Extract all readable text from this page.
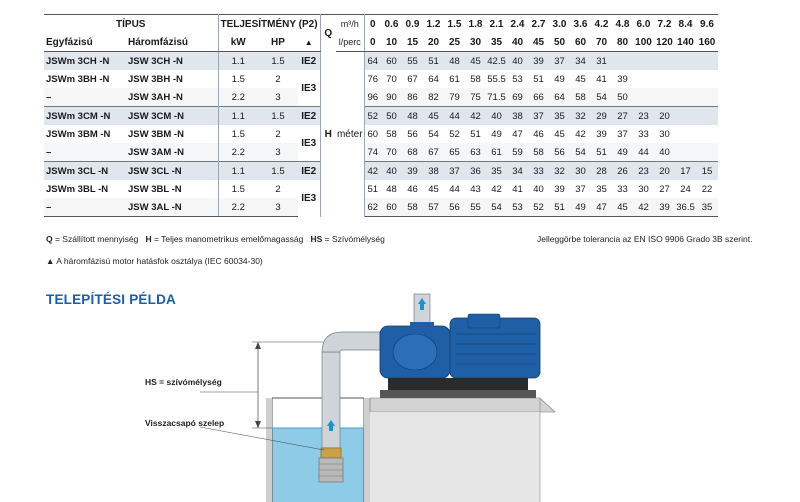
TÍPUS		TELJESÍTMÉNY (P2)			Q	m³/h	0	0.6	0.9	1.2	1.5	1.8	2.1	2.4	2.7	3.0	3.6	4.2	4.8	6.0	7.2	8.4	9.6
Egyfázisú	Háromfázisú	kW	HP	▲		l/perc	0	10	15	20	25	30	35	40	45	50	60	70	80	100	120	140	160
JSWm 3CH -N	JSW 3CH -N	1.1	1.5	IE2	H	méter	64	60	55	51	48	45	42.5	40	39	37	34	31					
JSWm 3BH -N	JSW 3BH -N	1.5	2	IE3			76	70	67	64	61	58	55.5	53	51	49	45	41	39				
–	JSW 3AH -N	2.2	3				96	90	86	82	79	75	71.5	69	66	64	58	54	50				
JSWm 3CM -N	JSW 3CM -N	1.1	1.5	IE2			52	50	48	45	44	42	40	38	37	35	32	29	27	23	20		
JSWm 3BM -N	JSW 3BM -N	1.5	2	IE3			60	58	56	54	52	51	49	47	46	45	42	39	37	33	30		
–	JSW 3AM -N	2.2	3				74	70	68	67	65	63	61	59	58	56	54	51	49	44	40		
JSWm 3CL -N	JSW 3CL -N	1.1	1.5	IE2			42	40	39	38	37	36	35	34	33	32	30	28	26	23	20	17	15
JSWm 3BL -N	JSW 3BL -N	1.5	2	IE3			51	48	46	45	44	43	42	41	40	39	37	35	33	30	27	24	22
–	JSW 3AL -N	2.2	3				62	60	58	57	56	55	54	53	52	51	49	47	45	42	39	36.5	35
Q = Szállított mennyiség   H = Teljes manometrikus emelőmagasság   HS = Szívómélység	Jelleggörbe tolerancia az EN ISO 9906 Grado 3B szerint.
▲ A háromfázisú motor hatásfok osztálya (IEC 60034-30)
TELEPÍTÉSI PÉLDA
HS = szívómélység
Visszacsapó szelep
